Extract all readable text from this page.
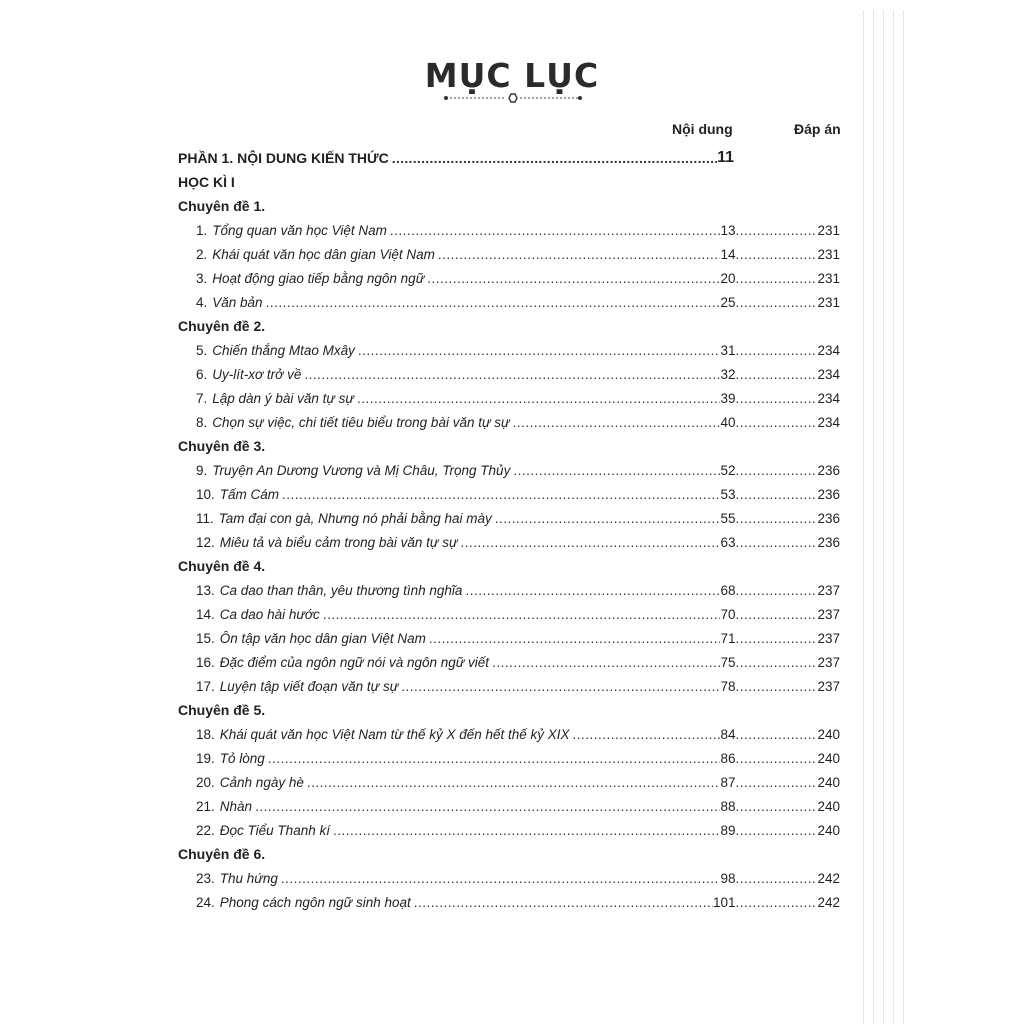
MỤC LỤC
Nội dung	Đáp án
PHẦN 1. NỘI DUNG KIẾN THỨC .....	11
HỌC KÌ I
Chuyên đề 1.
1. Tổng quan văn học Việt Nam .....	13 .....	231
2. Khái quát văn học dân gian Việt Nam .....	14 .....	231
3. Hoạt động giao tiếp bằng ngôn ngữ .....	20 .....	231
4. Văn bản .....	25 .....	231
Chuyên đề 2.
5. Chiến thắng Mtao Mxây .....	31 .....	234
6. Uy-lít-xơ trở về .....	32 .....	234
7. Lập dàn ý bài văn tự sự .....	39 .....	234
8. Chọn sự việc, chi tiết tiêu biểu trong bài văn tự sự .....	40 .....	234
Chuyên đề 3.
9. Truyện An Dương Vương và Mị Châu, Trọng Thủy .....	52 .....	236
10. Tấm Cám .....	53 .....	236
11. Tam đại con gà, Nhưng nó phải bằng hai mày .....	55 .....	236
12. Miêu tả và biểu cảm trong bài văn tự sự .....	63 .....	236
Chuyên đề 4.
13. Ca dao than thân, yêu thương tình nghĩa .....	68 .....	237
14. Ca dao hài hước .....	70 .....	237
15. Ôn tập văn học dân gian Việt Nam .....	71 .....	237
16. Đặc điểm của ngôn ngữ nói và ngôn ngữ viết .....	75 .....	237
17. Luyện tập viết đoạn văn tự sự .....	78 .....	237
Chuyên đề 5.
18. Khái quát văn học Việt Nam từ thế kỷ X đến hết thế kỷ XIX .....	84 .....	240
19. Tỏ lòng .....	86 .....	240
20. Cảnh ngày hè .....	87 .....	240
21. Nhàn .....	88 .....	240
22. Đọc Tiểu Thanh kí .....	89 .....	240
Chuyên đề 6.
23. Thu hứng .....	98 .....	242
24. Phong cách ngôn ngữ sinh hoạt .....	101 .....	242
